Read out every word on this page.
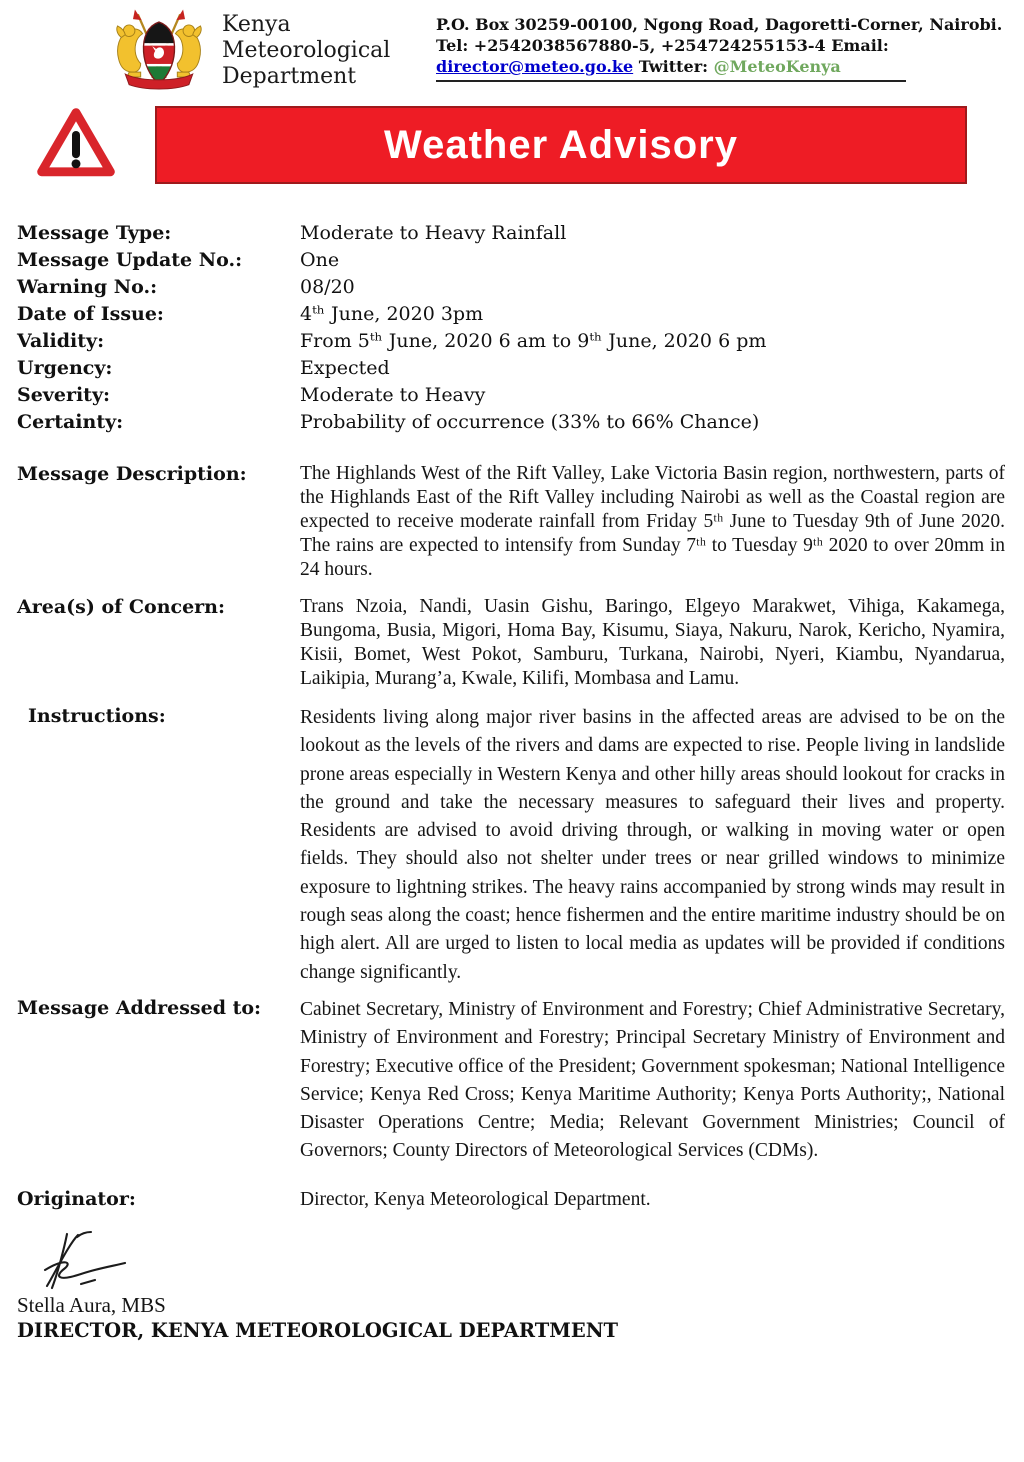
Kenya
Meteorological
Department
P.O. Box 30259-00100, Ngong Road, Dagoretti-Corner, Nairobi.
Tel: +2542038567880-5, +254724255153-4 Email:
director@meteo.go.ke Twitter: @MeteoKenya
Weather Advisory
Message Type:	Moderate to Heavy Rainfall
Message Update No.:	One
Warning No.:	08/20
Date of Issue:	4ᵗʰ June, 2020 3pm
Validity:	From 5ᵗʰ June, 2020 6 am to 9ᵗʰ June, 2020 6 pm
Urgency:	Expected
Severity:	Moderate to Heavy
Certainty:	Probability of occurrence (33% to 66% Chance)
Message Description:	The Highlands West of the Rift Valley, Lake Victoria Basin region, northwestern, parts of the Highlands East of the Rift Valley including Nairobi as well as the Coastal region are expected to receive moderate rainfall from Friday 5ᵗʰ June to Tuesday 9th of June 2020. The rains are expected to intensify from Sunday 7ᵗʰ to Tuesday 9ᵗʰ 2020 to over 20mm in 24 hours.
Area(s) of Concern:	Trans Nzoia, Nandi, Uasin Gishu, Baringo, Elgeyo Marakwet, Vihiga, Kakamega, Bungoma, Busia, Migori, Homa Bay, Kisumu, Siaya, Nakuru, Narok, Kericho, Nyamira, Kisii, Bomet, West Pokot, Samburu, Turkana, Nairobi, Nyeri, Kiambu, Nyandarua, Laikipia, Murang’a, Kwale, Kilifi, Mombasa and Lamu.
Instructions:	Residents living along major river basins in the affected areas are advised to be on the lookout as the levels of the rivers and dams are expected to rise. People living in landslide prone areas especially in Western Kenya and other hilly areas should lookout for cracks in the ground and take the necessary measures to safeguard their lives and property. Residents are advised to avoid driving through, or walking in moving water or open fields. They should also not shelter under trees or near grilled windows to minimize exposure to lightning strikes. The heavy rains accompanied by strong winds may result in rough seas along the coast; hence fishermen and the entire maritime industry should be on high alert. All are urged to listen to local media as updates will be provided if conditions change significantly.
Message Addressed to:	Cabinet Secretary, Ministry of Environment and Forestry; Chief Administrative Secretary, Ministry of Environment and Forestry; Principal Secretary Ministry of Environment and Forestry; Executive office of the President; Government spokesman; National Intelligence Service; Kenya Red Cross; Kenya Maritime Authority; Kenya Ports Authority;, National Disaster Operations Centre; Media; Relevant Government Ministries; Council of Governors; County Directors of Meteorological Services (CDMs).
Originator:	Director, Kenya Meteorological Department.
Stella Aura, MBS
DIRECTOR, KENYA METEOROLOGICAL DEPARTMENT
